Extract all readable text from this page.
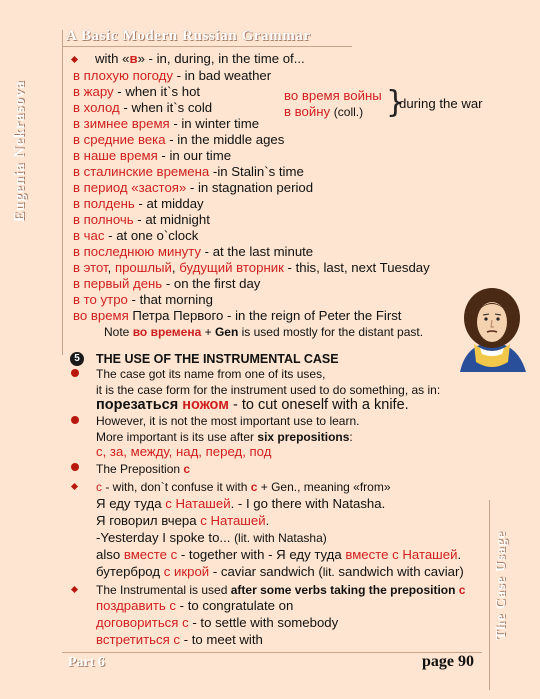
A Basic Modern Russian Grammar
Eugenia Nekrasova
The Case Usage
Part 6	page 90
5
with «в» - in, during, in the time of...
в плохую погоду - in bad weather
в жару - when it`s hot
в холод - when it`s cold
в зимнее время - in winter time
в средние века - in the middle ages
в наше время - in our time
в сталинские времена -in Stalin`s time
в период «застоя» - in stagnation period
в полдень - at midday
в полночь - at midnight
в час - at one o`clock
в последнюю минуту - at the last minute
в этот, прошлый, будущий вторник - this, last, next Tuesday
в первый день - on the first day
в то утро - that morning
во время Петра Первого - in the reign of Peter the First
Note во времена + Gen is used mostly for the distant past.
THE USE OF THE INSTRUMENTAL CASE
The case got its name from one of its uses,
it is the case form for the instrument used to do something, as in:
порезаться ножом - to cut oneself with a knife.
However, it is not the most important use to learn.
More important is its use after six prepositions:
с, за, между, над, перед, под
The Preposition с
с - with, don`t confuse it with с + Gen., meaning «from»
Я еду туда с Наташей. - I go there with Natasha.
Я говорил вчера с Наташей.
-Yesterday I spoke to... (lit. with Natasha)
also вместе с - together with - Я еду туда вместе с Наташей.
бутерброд с икрой - caviar sandwich (lit. sandwich with caviar)
The Instrumental is used after some verbs taking the preposition с
поздравить с - to congratulate on
договориться с - to settle with somebody
встретиться с - to meet with
во время войны
в войну (coll.) }
during the war
